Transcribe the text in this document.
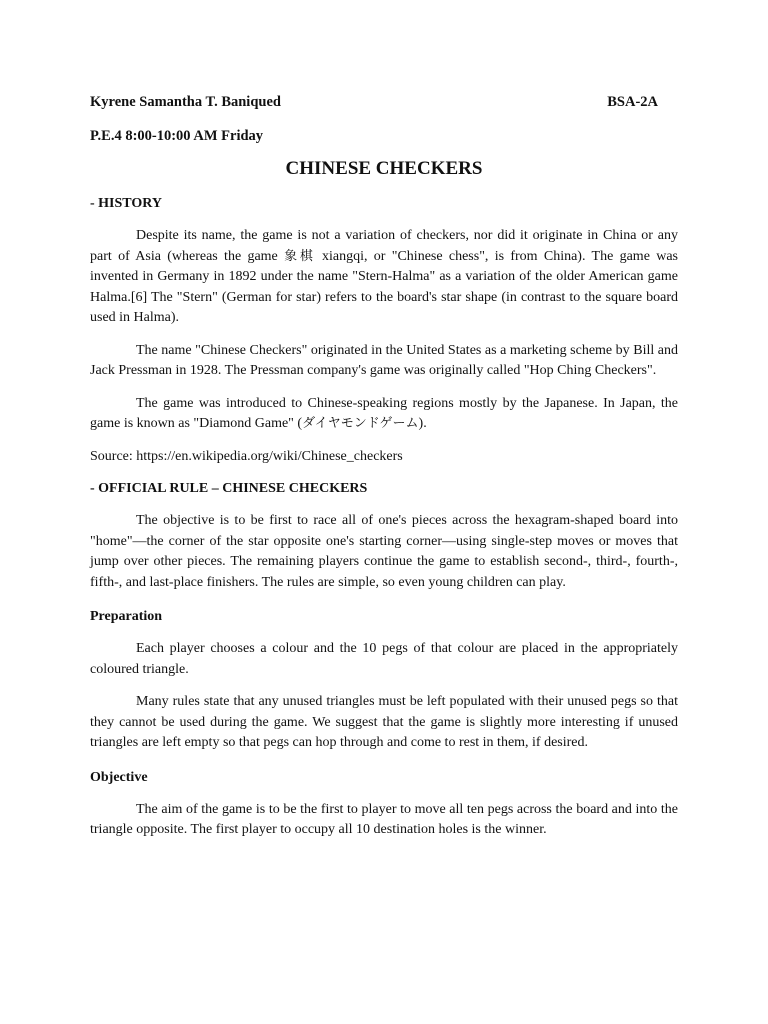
Kyrene Samantha T. Baniqued	BSA-2A
P.E.4 8:00-10:00 AM Friday
CHINESE CHECKERS
- HISTORY

Despite its name, the game is not a variation of checkers, nor did it originate in China or any part of Asia (whereas the game 象棋 xiangqi, or "Chinese chess", is from China). The game was invented in Germany in 1892 under the name "Stern-Halma" as a variation of the older American game Halma.[6] The "Stern" (German for star) refers to the board's star shape (in contrast to the square board used in Halma).

The name "Chinese Checkers" originated in the United States as a marketing scheme by Bill and Jack Pressman in 1928. The Pressman company's game was originally called "Hop Ching Checkers".

The game was introduced to Chinese-speaking regions mostly by the Japanese. In Japan, the game is known as "Diamond Game" (ダイヤモンドゲーム).

Source: https://en.wikipedia.org/wiki/Chinese_checkers

- OFFICIAL RULE – CHINESE CHECKERS

The objective is to be first to race all of one's pieces across the hexagram-shaped board into "home"—the corner of the star opposite one's starting corner—using single-step moves or moves that jump over other pieces. The remaining players continue the game to establish second-, third-, fourth-, fifth-, and last-place finishers. The rules are simple, so even young children can play.

Preparation

Each player chooses a colour and the 10 pegs of that colour are placed in the appropriately coloured triangle.

Many rules state that any unused triangles must be left populated with their unused pegs so that they cannot be used during the game. We suggest that the game is slightly more interesting if unused triangles are left empty so that pegs can hop through and come to rest in them, if desired.

Objective

The aim of the game is to be the first to player to move all ten pegs across the board and into the triangle opposite. The first player to occupy all 10 destination holes is the winner.
